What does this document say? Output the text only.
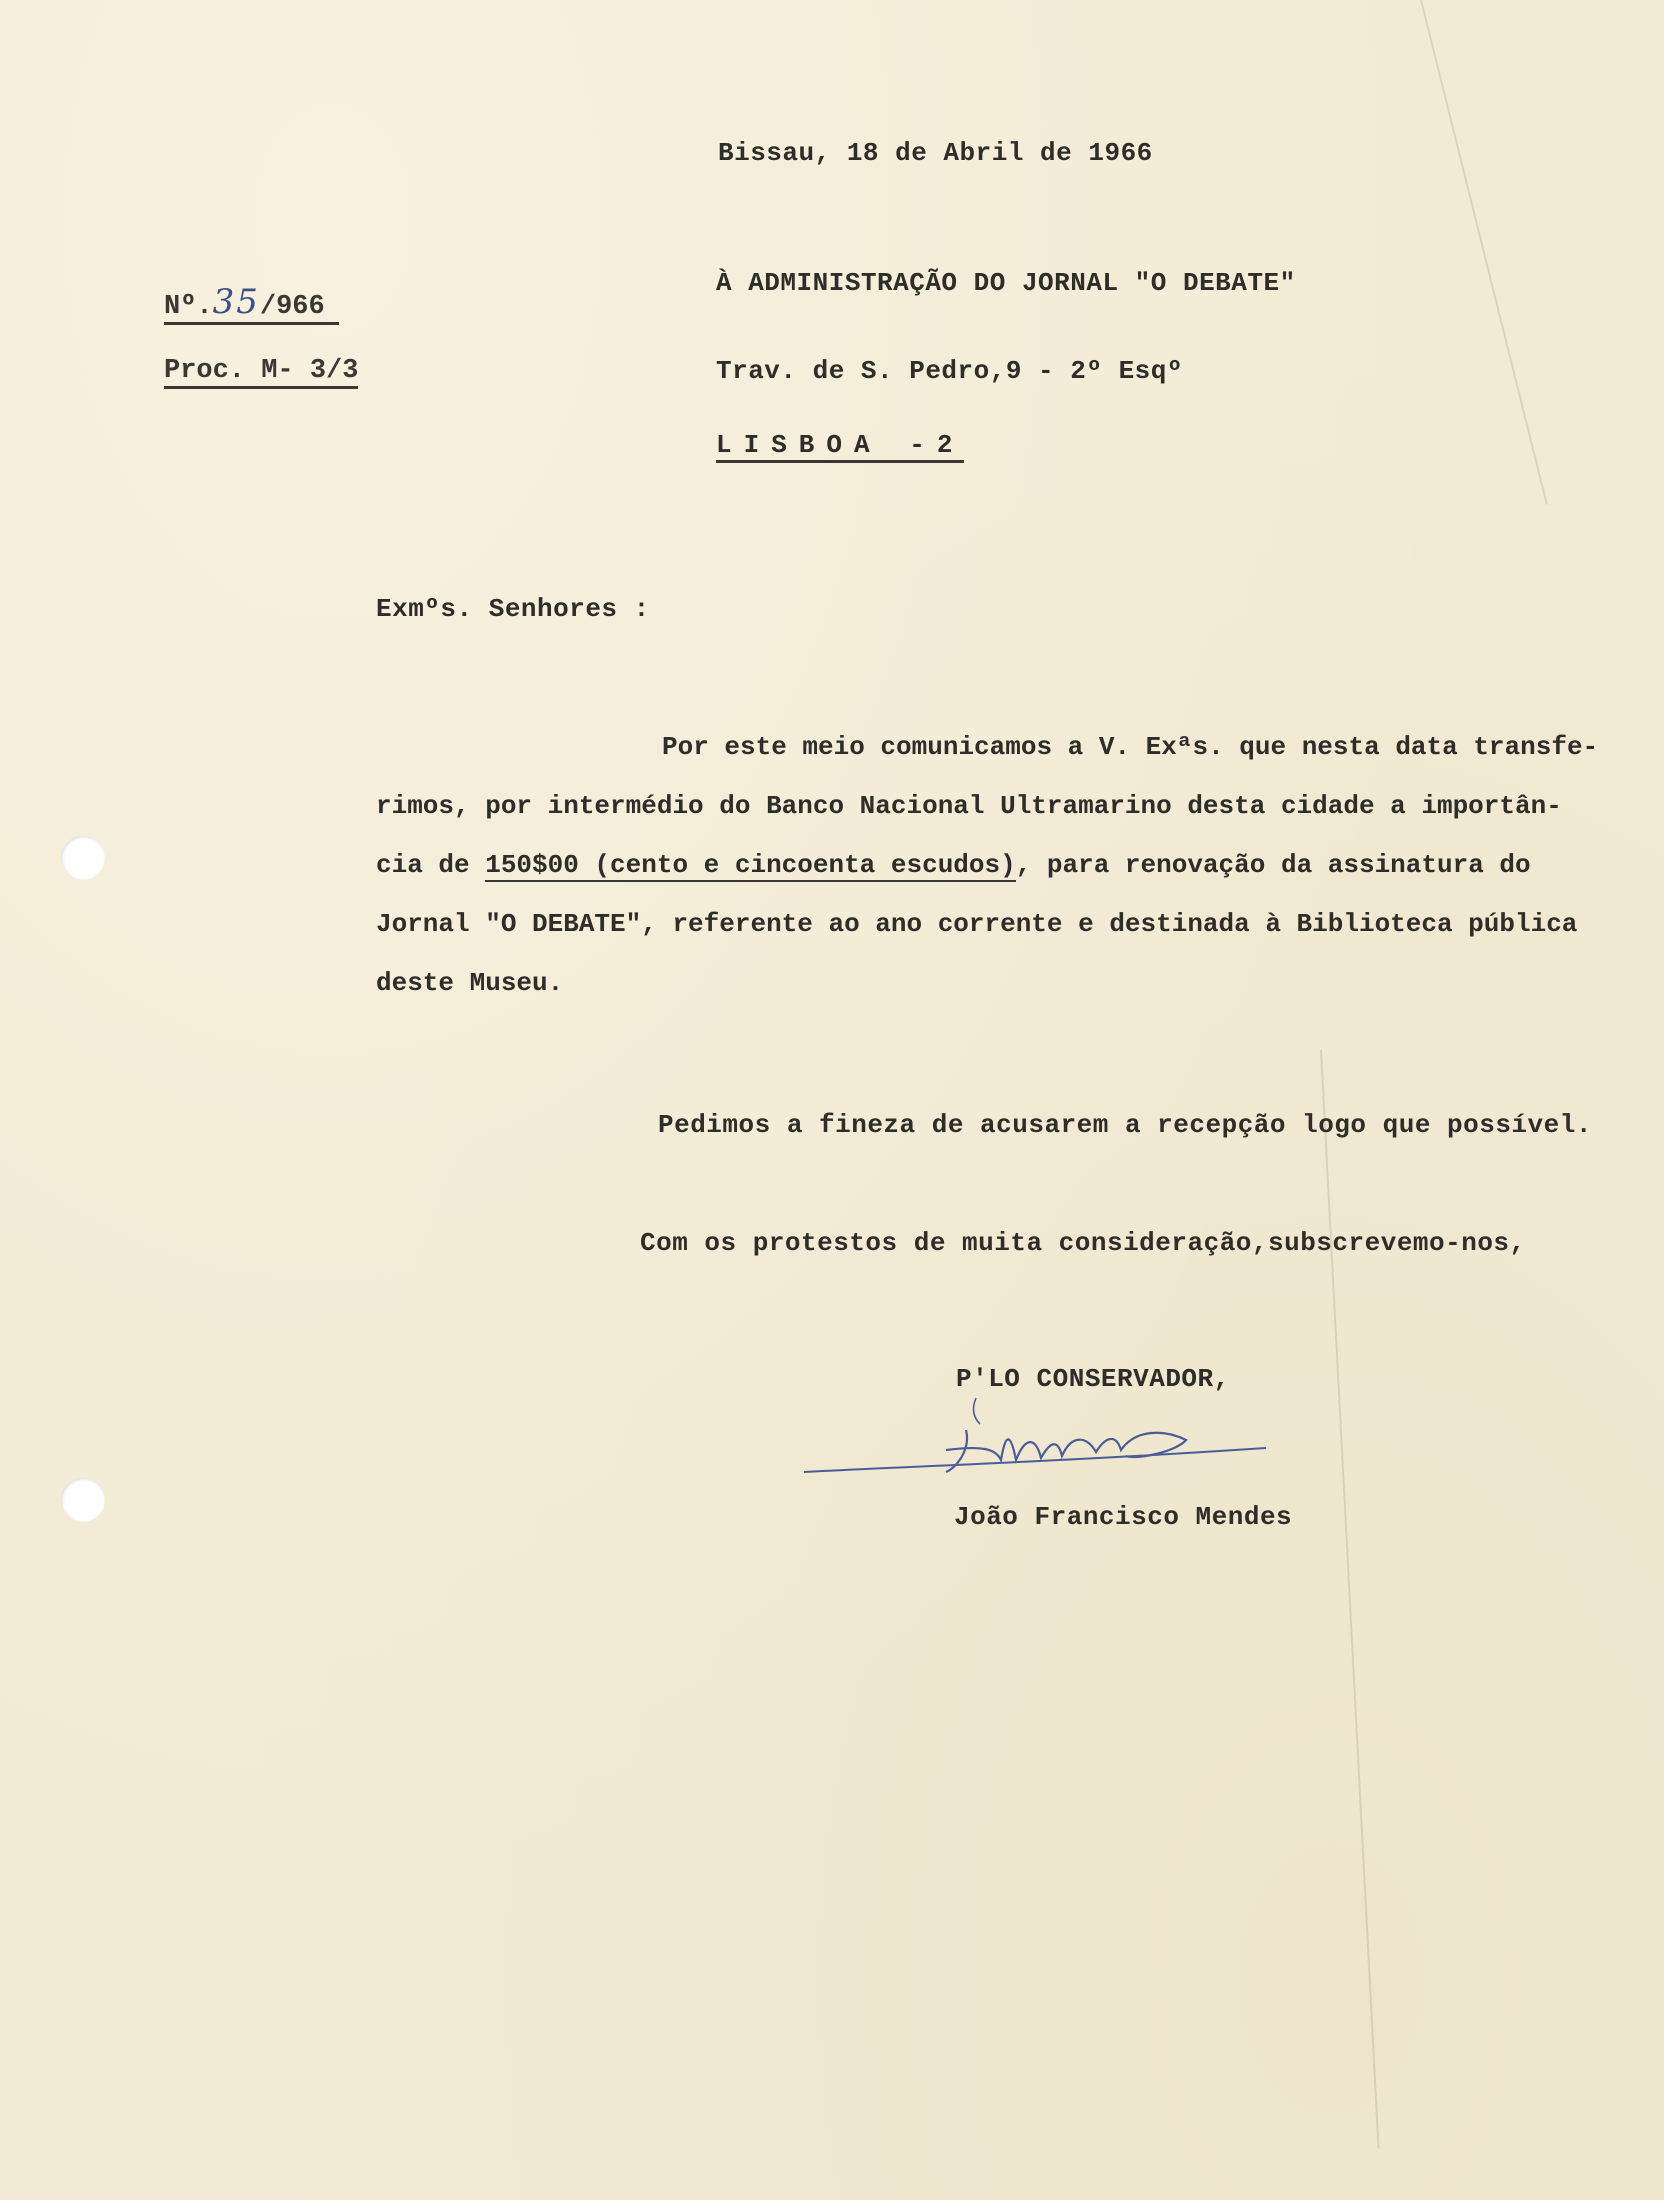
Bissau, 18 de Abril de 1966
Nº.35/966
Proc. M- 3/3
À ADMINISTRAÇÃO DO JORNAL "O DEBATE"
Trav. de S. Pedro,9 - 2º Esqº
LISBOA -2
Exmºs. Senhores :
Por este meio comunicamos a V. Exªs. que nesta data transfe-
rimos, por intermédio do Banco Nacional Ultramarino desta cidade a importân-
cia de 150$00 (cento e cincoenta escudos), para renovação da assinatura do
Jornal "O DEBATE", referente ao ano corrente e destinada à Biblioteca pública
deste Museu.
Pedimos a fineza de acusarem a recepção logo que possível.
Com os protestos de muita consideração,subscrevemo-nos,
P'LO CONSERVADOR,
João Francisco Mendes
